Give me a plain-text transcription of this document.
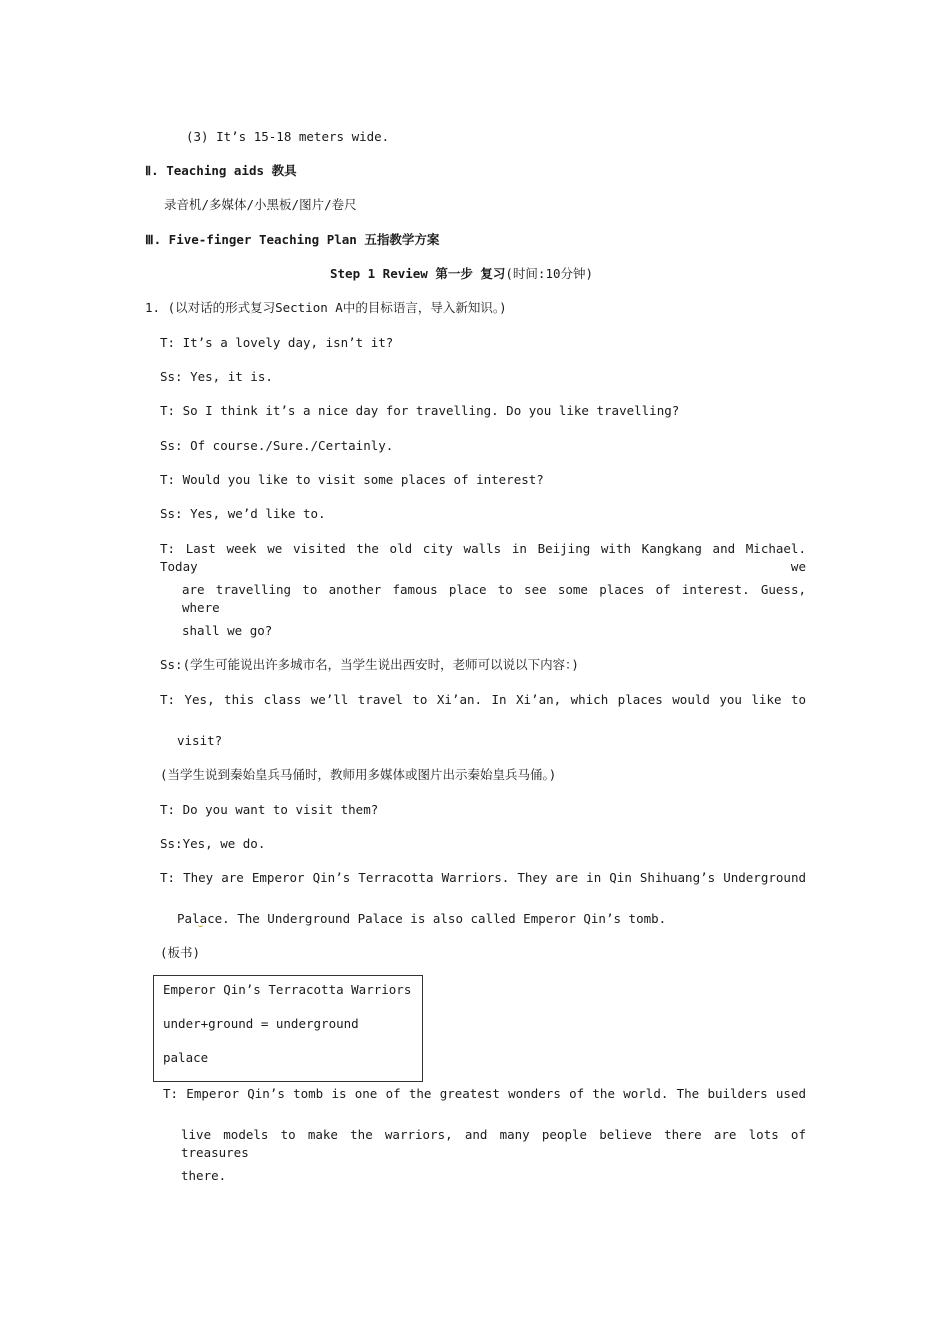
(3) It’s 15-18 meters wide.
Ⅱ. Teaching aids 教具
录音机/多媒体/小黑板/图片/卷尺
Ⅲ. Five-finger Teaching Plan 五指教学方案
Step 1 Review 第一步 复习(时间:10分钟)
1. (以对话的形式复习Section A中的目标语言，导入新知识。)
T: It’s a lovely day, isn’t it?
Ss: Yes, it is.
T: So I think it’s a nice day for travelling. Do you like travelling?
Ss: Of course./Sure./Certainly.
T: Would you like to visit some places of interest?
Ss: Yes, we’d like to.
T: Last week we visited the old city walls in Beijing with Kangkang and Michael. Today we
are travelling to another famous place to see some places of interest. Guess, where
shall we go?
Ss:(学生可能说出许多城市名，当学生说出西安时，老师可以说以下内容：)
T: Yes, this class we’ll travel to Xi’an. In Xi’an, which places would you like to
visit?
(当学生说到秦始皇兵马俑时，教师用多媒体或图片出示秦始皇兵马俑。)
T: Do you want to visit them?
Ss:Yes, we do.
T: They are Emperor Qin’s Terracotta Warriors. They are in Qin Shihuang’s Underground
Palace. The Underground Palace is also called Emperor Qin’s tomb.
(板书)
Emperor Qin’s Terracotta Warriors
under+ground = underground
palace
T: Emperor Qin’s tomb is one of the greatest wonders of the world. The builders used
live models to make the warriors, and many people believe there are lots of treasures
there.
